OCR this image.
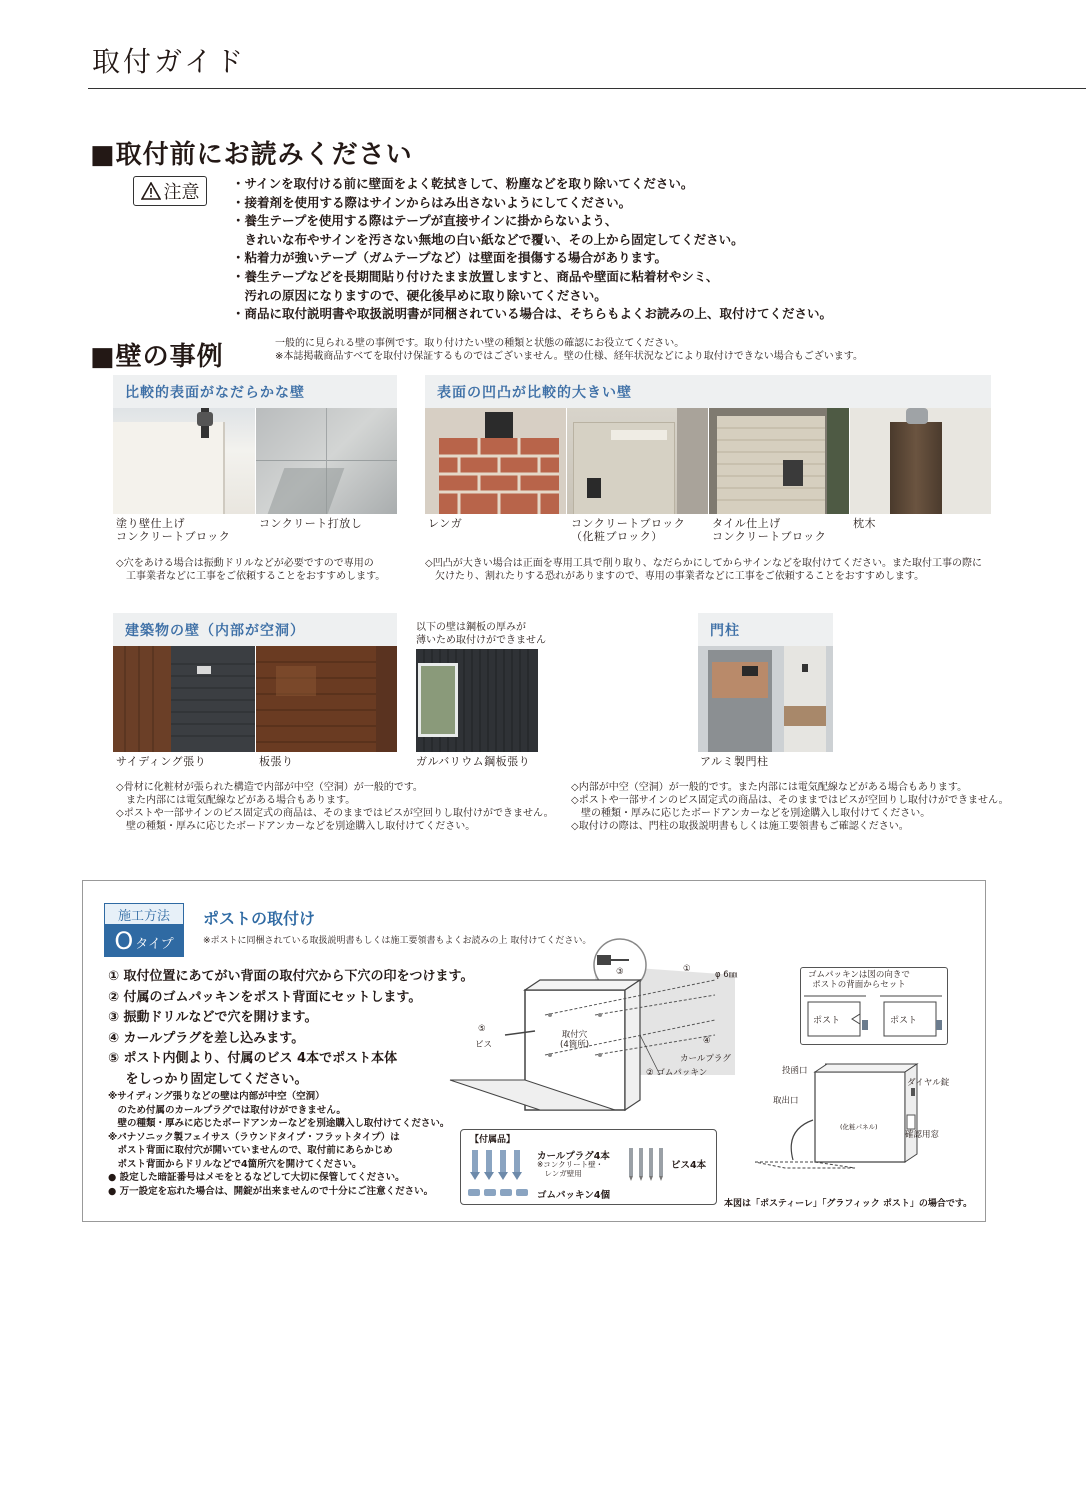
取付ガイド
■取付前にお読みください
注意	・サインを取付ける前に壁面をよく乾拭きして、粉塵などを取り除いてください。
・接着剤を使用する際はサインからはみ出さないようにしてください。
・養生テープを使用する際はテープが直接サインに掛からないよう、
　きれいな布やサインを汚さない無地の白い紙などで覆い、その上から固定してください。
・粘着力が強いテープ（ガムテープなど）は壁面を損傷する場合があります。
・養生テープなどを長期間貼り付けたまま放置しますと、商品や壁面に粘着材やシミ、
　汚れの原因になりますので、硬化後早めに取り除いてください。
・商品に取付説明書や取扱説明書が同梱されている場合は、そちらもよくお読みの上、取付けてください。
■壁の事例	一般的に見られる壁の事例です。取り付けたい壁の種類と状態の確認にお役立てください。
※本誌掲載商品すべてを取付け保証するものではございません。壁の仕様、経年状況などにより取付けできない場合もございます。
比較的表面がなだらかな壁
塗り壁仕上げ
コンクリートブロック
コンクリート打放し
◇穴をあける場合は振動ドリルなどが必要ですので専用の
　工事業者などに工事をご依頼することをおすすめします。
表面の凹凸が比較的大きい壁
レンガ	コンクリートブロック
（化粧ブロック）
タイル仕上げ
コンクリートブロック
枕木
◇凹凸が大きい場合は正面を専用工具で削り取り、なだらかにしてからサインなどを取付けてください。また取付工事の際に
　欠けたり、割れたりする恐れがありますので、専用の事業者などに工事をご依頼することをおすすめします。
建築物の壁（内部が空洞）	以下の壁は鋼板の厚みが
薄いため取付けができません
サイディング張り	板張り	ガルバリウム鋼板張り
◇骨材に化粧材が張られた構造で内部が中空（空洞）が一般的です。
　また内部には電気配線などがある場合もあります。
◇ポストや一部サインのビス固定式の商品は、そのままではビスが空回りし取付けができません。
　壁の種類・厚みに応じたボードアンカーなどを別途購入し取付けてください。
門柱
アルミ製門柱
◇内部が中空（空洞）が一般的です。また内部には電気配線などがある場合もあります。
◇ポストや一部サインのビス固定式の商品は、そのままではビスが空回りし取付けができません。
　壁の種類・厚みに応じたボードアンカーなどを別途購入し取付けてください。
◇取付けの際は、門柱の取扱説明書もしくは施工要領書もご確認ください。
施工方法
O タイプ
ポストの取付け
※ポストに同梱されている取扱説明書もしくは施工要領書もよくお読みの上 取付けてください。
① 取付位置にあてがい背面の取付穴から下穴の印をつけます。
② 付属のゴムパッキンをポスト背面にセットします。
③ 振動ドリルなどで穴を開けます。
④ カールプラグを差し込みます。
⑤ ポスト内側より、付属のビス 4本でポスト本体
　 をしっかり固定してください。
※サイディング張りなどの壁は内部が中空（空洞）
　のため付属のカールプラグでは取付けができません。
　壁の種類・厚みに応じたボードアンカーなどを別途購入し取付けてください。
※パナソニック製フェイサス（ラウンドタイプ・フラットタイプ）は
　ポスト背面に取付穴が開いていませんので、取付前にあらかじめ
　ポスト背面からドリルなどで4箇所穴を開けてください。
● 設定した暗証番号はメモをとるなどして大切に保管してください。
● 万一設定を忘れた場合は、開錠が出来ませんので十分にご注意ください。
③	①
φ 6㎜
⑤
ビス
取付穴
(4箇所)	④
カールプラグ
② ゴムパッキン
【付属品】
カールプラグ4本
※コンクリート壁・
　レンガ壁用
ビス4本
ゴムパッキン4個
ゴムパッキンは図の向きで
ポストの背面からセット
ポスト	ポスト
投函口
取出口
ダイヤル錠
確認用窓
(化粧パネル)
本図は「ポスティーレ」「グラフィック ポスト」の場合です。
